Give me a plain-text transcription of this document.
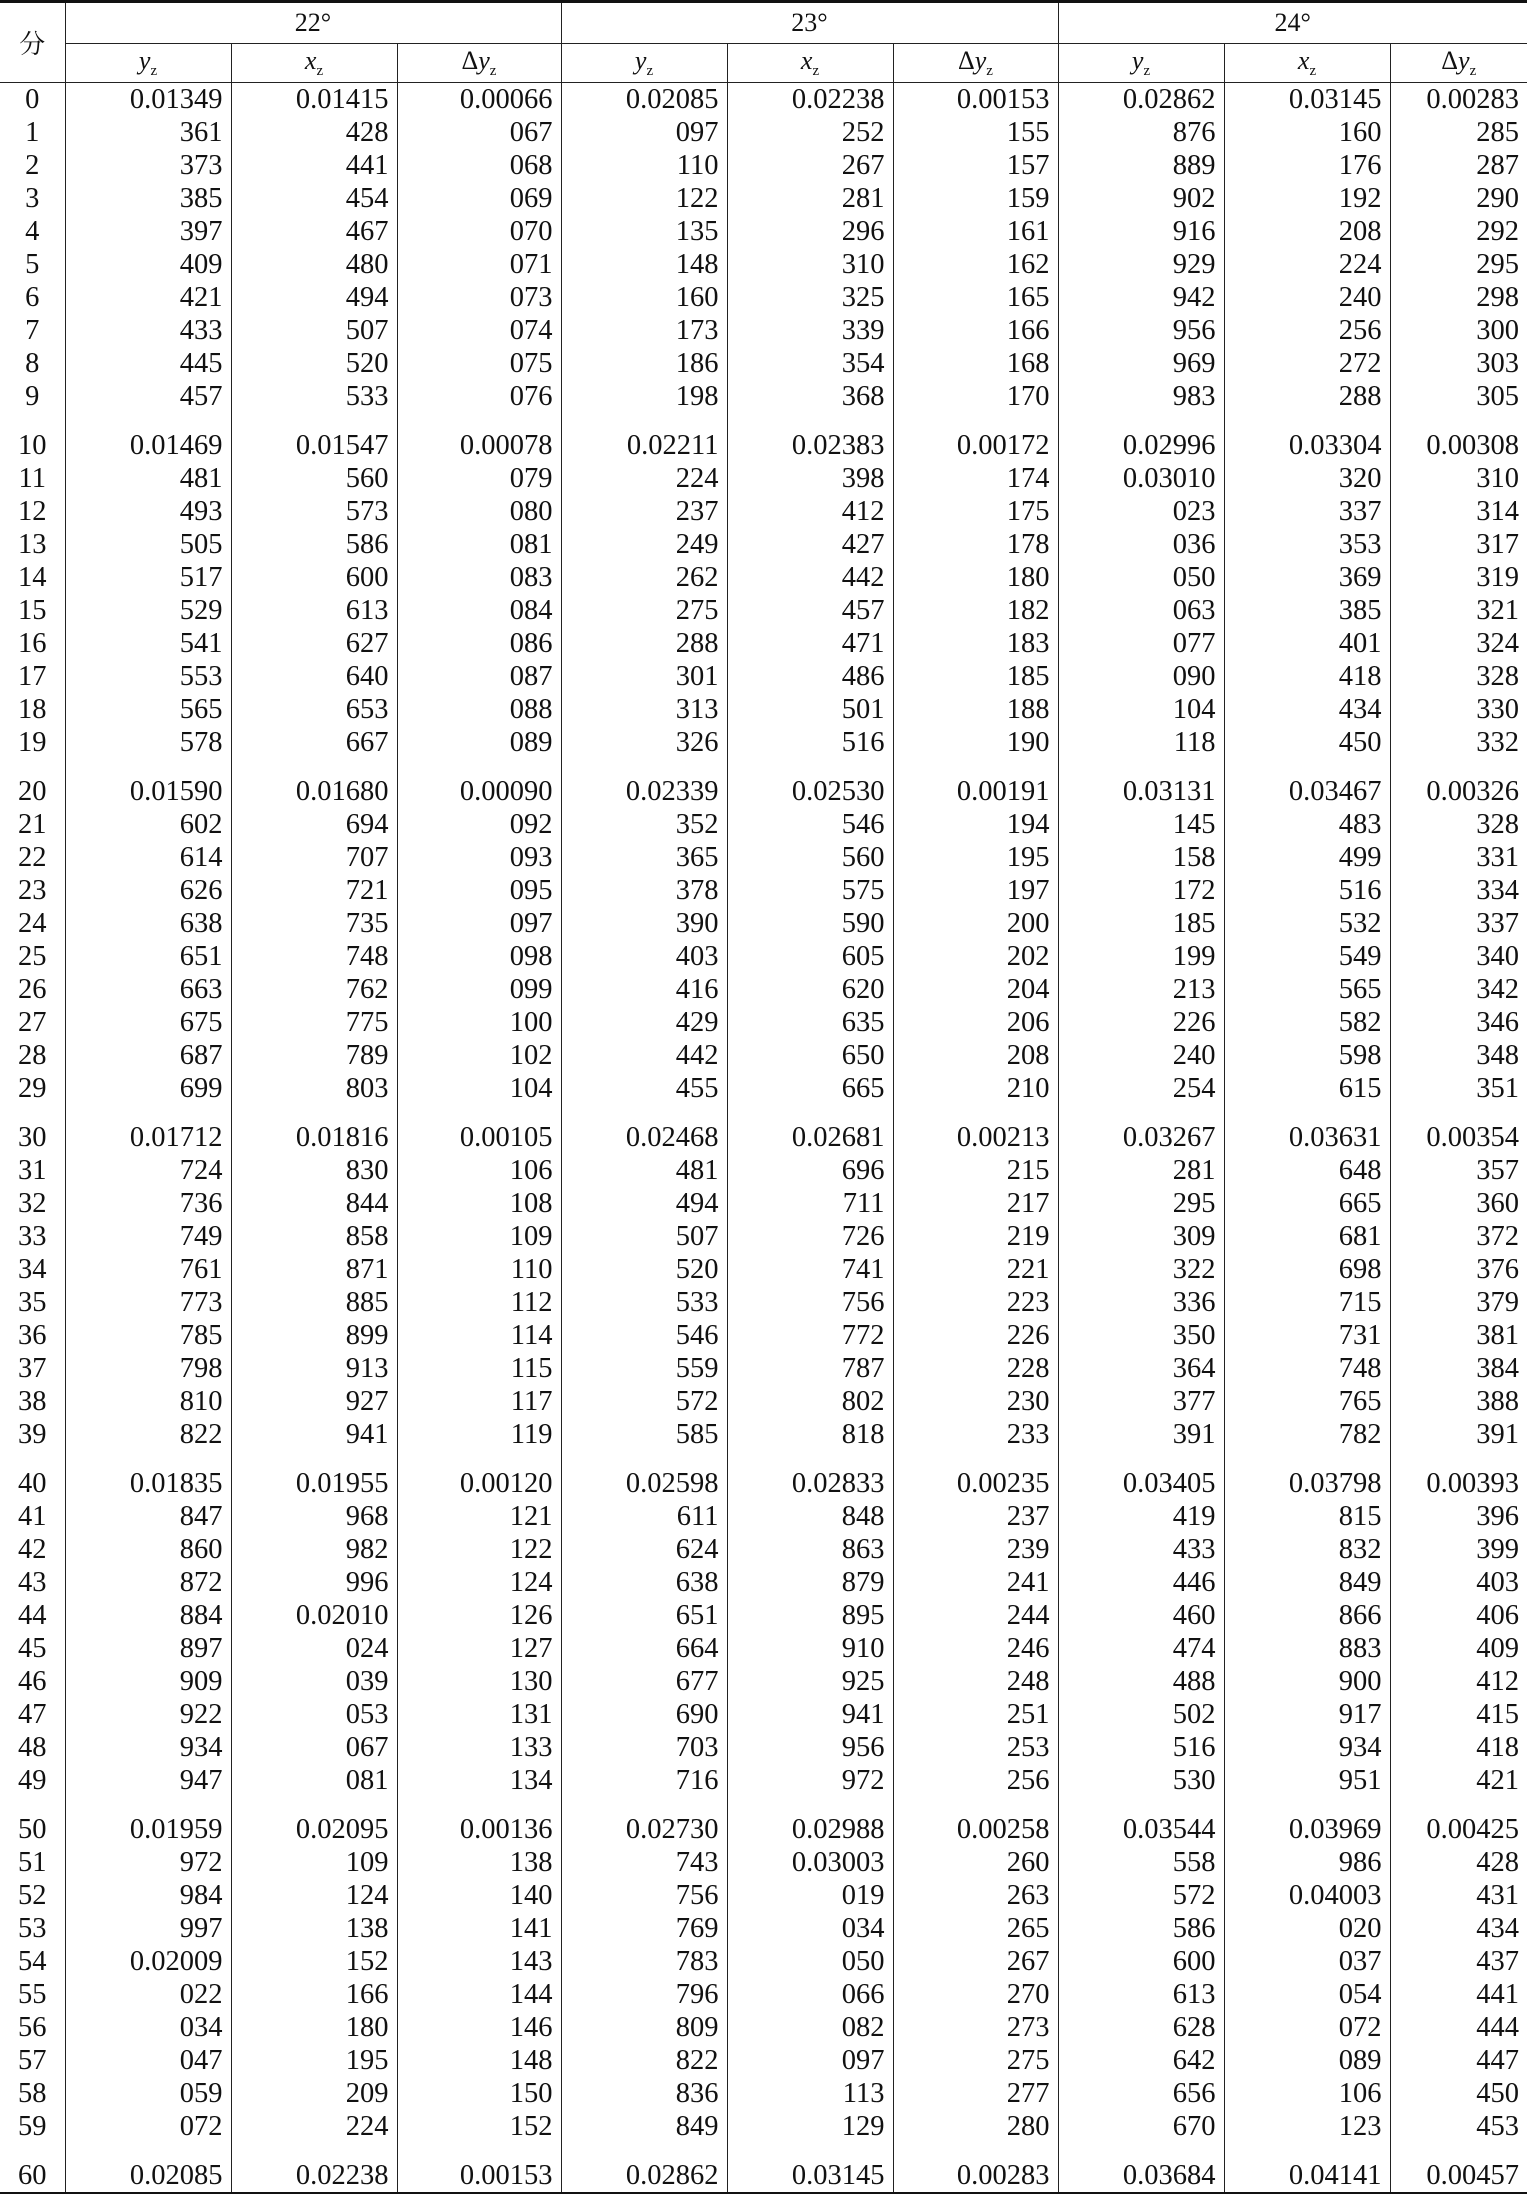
分	22°			23°			24°		
	$y_z$	$x_z$	$\Delta y_z$	$y_z$	$x_z$	$\Delta y_z$	$y_z$	$x_z$	$\Delta y_z$
0	0.01349	0.01415	0.00066	0.02085	0.02238	0.00153	0.02862	0.03145	0.00283
1	361	428	067	097	252	155	876	160	285
2	373	441	068	110	267	157	889	176	287
3	385	454	069	122	281	159	902	192	290
4	397	467	070	135	296	161	916	208	292
5	409	480	071	148	310	162	929	224	295
6	421	494	073	160	325	165	942	240	298
7	433	507	074	173	339	166	956	256	300
8	445	520	075	186	354	168	969	272	303
9	457	533	076	198	368	170	983	288	305
10	0.01469	0.01547	0.00078	0.02211	0.02383	0.00172	0.02996	0.03304	0.00308
11	481	560	079	224	398	174	0.03010	320	310
12	493	573	080	237	412	175	023	337	314
13	505	586	081	249	427	178	036	353	317
14	517	600	083	262	442	180	050	369	319
15	529	613	084	275	457	182	063	385	321
16	541	627	086	288	471	183	077	401	324
17	553	640	087	301	486	185	090	418	328
18	565	653	088	313	501	188	104	434	330
19	578	667	089	326	516	190	118	450	332
20	0.01590	0.01680	0.00090	0.02339	0.02530	0.00191	0.03131	0.03467	0.00326
21	602	694	092	352	546	194	145	483	328
22	614	707	093	365	560	195	158	499	331
23	626	721	095	378	575	197	172	516	334
24	638	735	097	390	590	200	185	532	337
25	651	748	098	403	605	202	199	549	340
26	663	762	099	416	620	204	213	565	342
27	675	775	100	429	635	206	226	582	346
28	687	789	102	442	650	208	240	598	348
29	699	803	104	455	665	210	254	615	351
30	0.01712	0.01816	0.00105	0.02468	0.02681	0.00213	0.03267	0.03631	0.00354
31	724	830	106	481	696	215	281	648	357
32	736	844	108	494	711	217	295	665	360
33	749	858	109	507	726	219	309	681	372
34	761	871	110	520	741	221	322	698	376
35	773	885	112	533	756	223	336	715	379
36	785	899	114	546	772	226	350	731	381
37	798	913	115	559	787	228	364	748	384
38	810	927	117	572	802	230	377	765	388
39	822	941	119	585	818	233	391	782	391
40	0.01835	0.01955	0.00120	0.02598	0.02833	0.00235	0.03405	0.03798	0.00393
41	847	968	121	611	848	237	419	815	396
42	860	982	122	624	863	239	433	832	399
43	872	996	124	638	879	241	446	849	403
44	884	0.02010	126	651	895	244	460	866	406
45	897	024	127	664	910	246	474	883	409
46	909	039	130	677	925	248	488	900	412
47	922	053	131	690	941	251	502	917	415
48	934	067	133	703	956	253	516	934	418
49	947	081	134	716	972	256	530	951	421
50	0.01959	0.02095	0.00136	0.02730	0.02988	0.00258	0.03544	0.03969	0.00425
51	972	109	138	743	0.03003	260	558	986	428
52	984	124	140	756	019	263	572	0.04003	431
53	997	138	141	769	034	265	586	020	434
54	0.02009	152	143	783	050	267	600	037	437
55	022	166	144	796	066	270	613	054	441
56	034	180	146	809	082	273	628	072	444
57	047	195	148	822	097	275	642	089	447
58	059	209	150	836	113	277	656	106	450
59	072	224	152	849	129	280	670	123	453
60	0.02085	0.02238	0.00153	0.02862	0.03145	0.00283	0.03684	0.04141	0.00457
